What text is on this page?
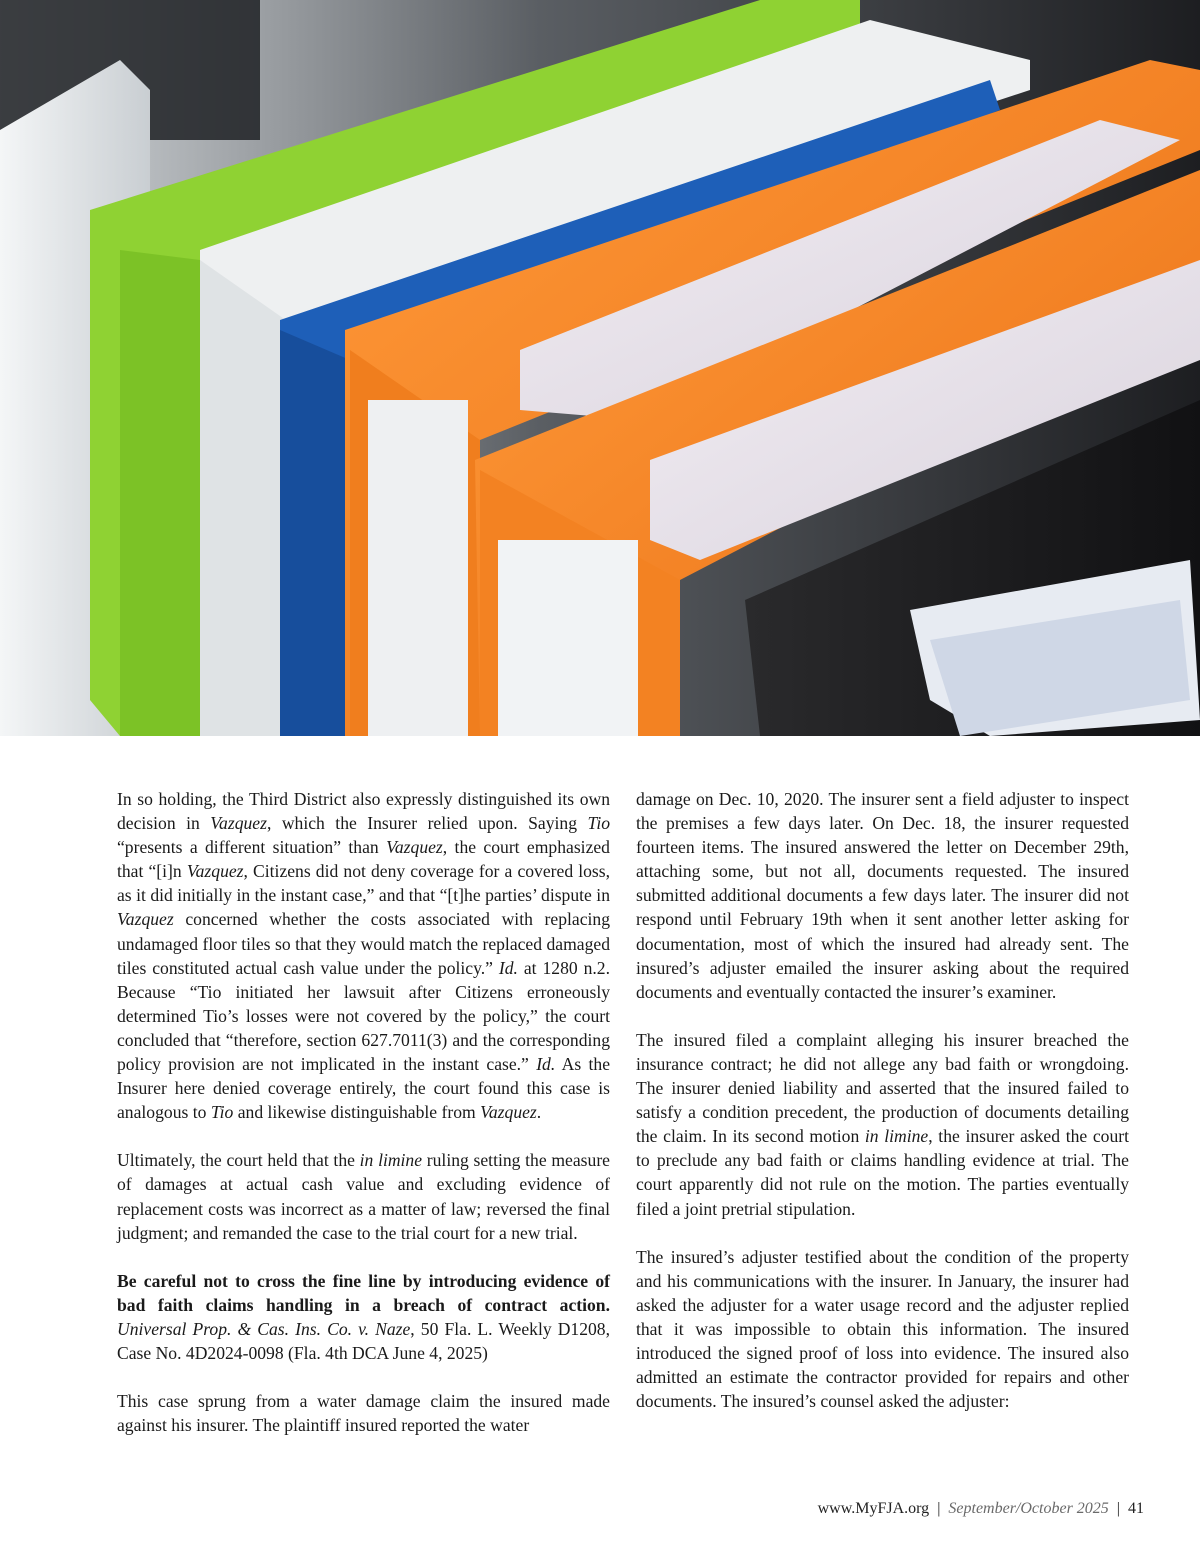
In so holding, the Third District also expressly distinguished its own decision in Vazquez, which the Insurer relied upon. Saying Tio “presents a different situation” than Vazquez, the court emphasized that “[i]n Vazquez, Citizens did not deny coverage for a covered loss, as it did initially in the instant case,” and that “[t]he parties’ dispute in Vazquez concerned whether the costs associated with replacing undamaged floor tiles so that they would match the replaced damaged tiles constituted actual cash value under the policy.” Id. at 1280 n.2. Because “Tio initiated her lawsuit after Citizens erroneously determined Tio’s losses were not covered by the policy,” the court concluded that “therefore, section 627.7011(3) and the corresponding policy provision are not implicated in the instant case.” Id. As the Insurer here denied coverage entirely, the court found this case is analogous to Tio and likewise distinguishable from Vazquez.

Ultimately, the court held that the in limine ruling setting the measure of damages at actual cash value and excluding evidence of replacement costs was incorrect as a matter of law; reversed the final judgment; and remanded the case to the trial court for a new trial.

Be careful not to cross the fine line by introducing evidence of bad faith claims handling in a breach of contract action. Universal Prop. & Cas. Ins. Co. v. Naze, 50 Fla. L. Weekly D1208, Case No. 4D2024-0098 (Fla. 4th DCA June 4, 2025)

This case sprung from a water damage claim the insured made against his insurer. The plaintiff insured reported the water

damage on Dec. 10, 2020. The insurer sent a field adjuster to inspect the premises a few days later. On Dec. 18, the insurer requested fourteen items. The insured answered the letter on December 29th, attaching some, but not all, documents requested. The insured submitted additional documents a few days later. The insurer did not respond until February 19th when it sent another letter asking for documentation, most of which the insured had already sent. The insured’s adjuster emailed the insurer asking about the required documents and eventually contacted the insurer’s examiner.

The insured filed a complaint alleging his insurer breached the insurance contract; he did not allege any bad faith or wrongdoing. The insurer denied liability and asserted that the insured failed to satisfy a condition precedent, the production of documents detailing the claim. In its second motion in limine, the insurer asked the court to preclude any bad faith or claims handling evidence at trial. The court apparently did not rule on the motion. The parties eventually filed a joint pretrial stipulation.

The insured’s adjuster testified about the condition of the property and his communications with the insurer. In January, the insurer had asked the adjuster for a water usage record and the adjuster replied that it was impossible to obtain this information. The insured introduced the signed proof of loss into evidence. The insured also admitted an estimate the contractor provided for repairs and other documents. The insured’s counsel asked the adjuster:

www.MyFJA.org | September/October 2025 | 41
